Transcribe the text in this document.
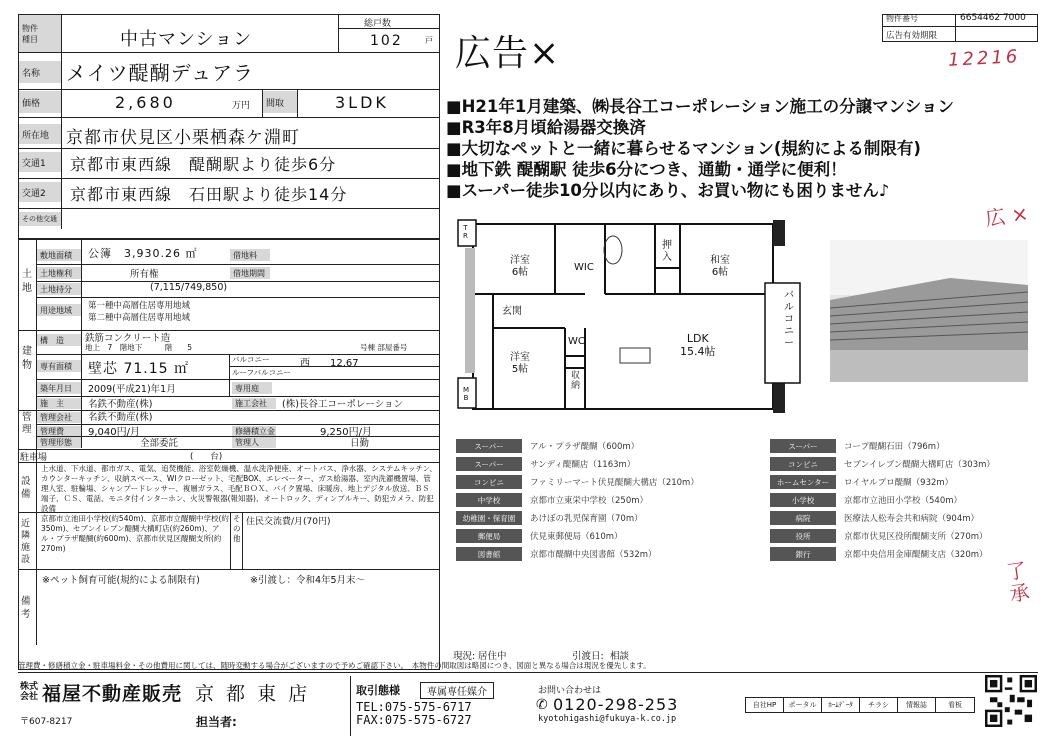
物件
種目	中古マンション
総戸数
102	戸
名称	メイツ醍醐デュアラ
価格	2,680	万円	間取	3LDK
所在地 京都市伏見区小栗栖森ケ淵町
交通1	京都市東西線　醍醐駅より徒歩6分
交通2	京都市東西線　石田駅より徒歩14分
その他交通
土地
敷地面積	公簿　3,930.26 ㎡	借地料
土地権利	所有権	借地期間
土地持分	(7,115/749,850)
用途地域	第一種中高層住居専用地域
第二種中高層住居専用地域
建物
構　造	鉄筋コンクリート造
地上　7　階地下　　　階　　5	号棟 部屋番号
専有面積	壁芯 71.15 ㎡
バルコニー	西　　12.67
ルーフバルコニー
築年月日	2009(平成21)年1月	専用庭
施　主	名鉄不動産(株)	施工会社	(株)長谷工コーポレーション
管理
管理会社	名鉄不動産(株)
管理費	9,040円/月	修繕積立金	9,250円/月
管理形態	全部委託	管理人	日勤
駐車場	(　　台)
設備
上水道、下水道、都市ガス、電気、追焚機能、浴室乾燥機、温水洗浄便座、オートバス、浄水器、システムキッチン、カウンターキッチン、収納スペース、WIクローゼット、宅配BOX、エレベーター、ガス給湯器、室内洗濯機置場、管理人室、駐輪場、シャンプードレッサー、複層ガラス、毛配ＢＯＸ、バイク置場、床暖房、地上デジタル放送、ＢＳ端子、ＣＳ、電話、モニタ付インターホン、火災警報器(報知器)、オートロック、ディンプルキー、防犯カメラ、防犯設備
近隣施設
京都市立池田小学校(約540m)、京都市立醍醐中学校(約350m)、セブンイレブン醍醐大構町店(約260m)、アル・プラザ醍醐(約600m)、京都市伏見区醍醐支所(約270m)
その他
住民交流費/月(70円)
備考
※ペット飼育可能(規約による制限有)	※引渡し：令和4年5月末〜
広告×
物件番号	6654462 7000
広告有効期限
12216
■H21年1月建築、㈱長谷工コーポレーション施工の分譲マンション
■R3年8月頃給湯器交換済
■大切なペットと一緒に暮らせるマンション(規約による制限有)
■地下鉄 醍醐駅 徒歩6分につき、通勤・通学に便利！
■スーパー徒歩10分以内にあり、お買い物にも困りません♪
広 ×
了承
洋室
6帖	WIC
和室
6帖
押
入
玄関
WC	LDK
15.4帖
洋室
5帖
収
納
バルコニー
T
R
M
B
スーパー	アル・プラザ醍醐（600m）
スーパー	サンディ醍醐店（1163m）
コンビニ	ファミリーマート伏見醍醐大構店（210m）
中学校	京都市立東栄中学校（250m）
幼稚園・保育園	あけぼの乳児保育園（70m）
郵便局	伏見東郵便局（610m）
図書館	京都市醍醐中央図書館（532m）
スーパー	コープ醍醐石田（796m）
コンビニ	セブンイレブン醍醐大構町店（303m）
ホームセンター	ロイヤルプロ醍醐（932m）
小学校	京都市立池田小学校（540m）
病院	医療法人松寿会共和病院（904m）
役所	京都市伏見区役所醍醐支所（270m）
銀行	京都中央信用金庫醍醐支店（320m）
現況: 居住中	引渡日: 相談
管理費・修繕積立金・駐車場料金・その他費用に関しては、随時変動する場合がございますので予めご確認下さい。　本物件の間取図は略図につき、図面と異なる場合は現況を優先します。
株式
会社 福屋不動産販売 京 都 東 店
〒607-8217	担当者:
取引態様	専属専任媒介
TEL:075-575-6717
FAX:075-575-6727
お問い合わせは
✆ 0120-298-253
kyotohigashi@fukuya-k.co.jp
自社HP	ポータル	ﾎｰﾑﾃﾞｰﾀ	チラシ	情報誌	看板
